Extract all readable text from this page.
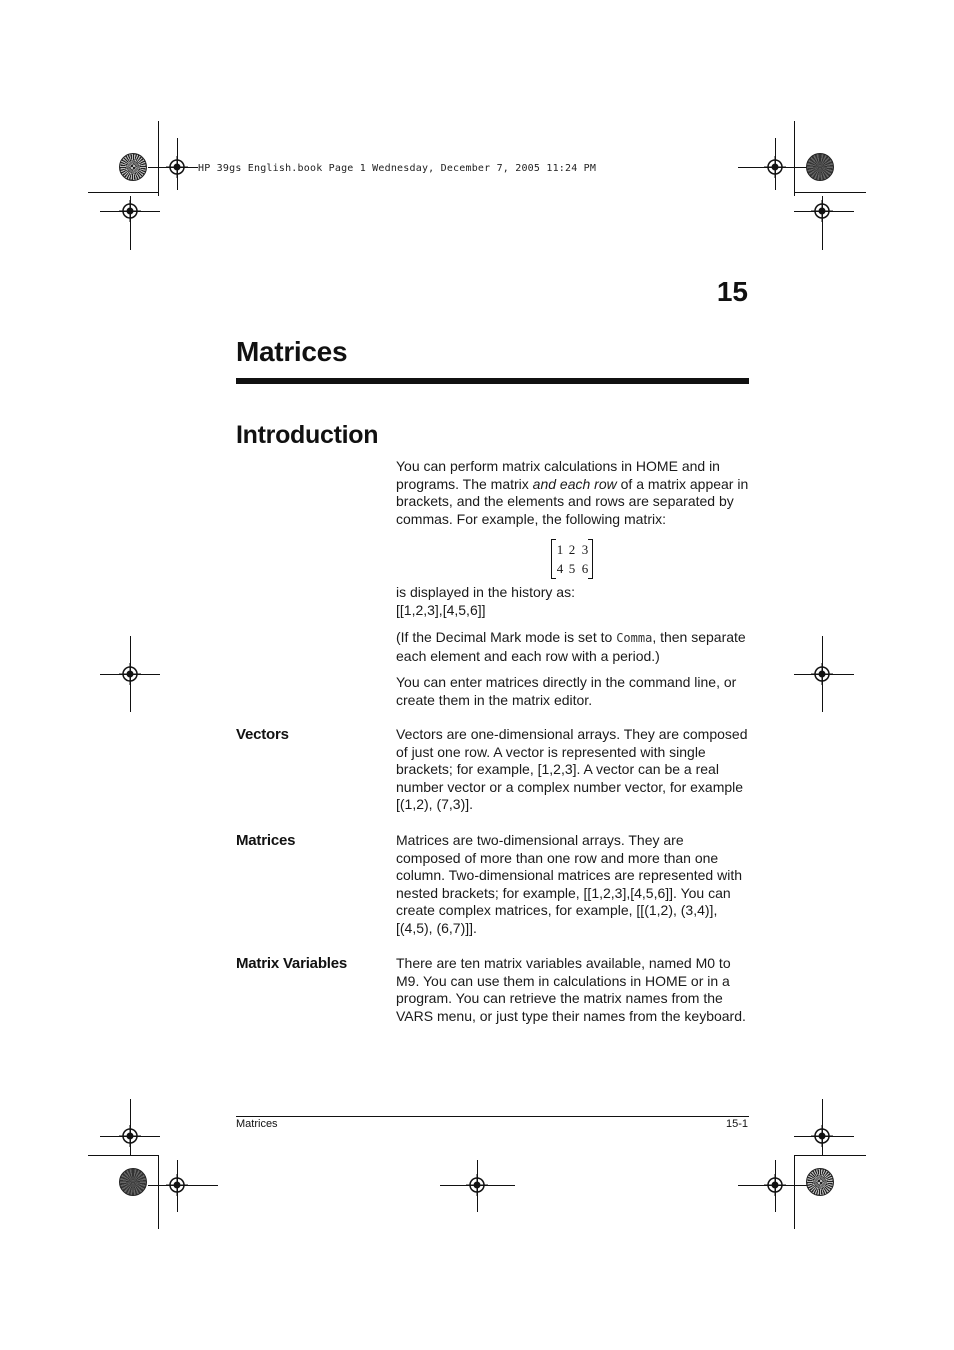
HP 39gs English.book Page 1 Wednesday, December 7, 2005 11:24 PM
15
Matrices
Introduction
You can perform matrix calculations in HOME and in programs. The matrix and each row of a matrix appear in brackets, and the elements and rows are separated by commas. For example, the following matrix:
1 2 3
4 5 6
is displayed in the history as:
[[1,2,3],[4,5,6]]
(If the Decimal Mark mode is set to Comma, then separate each element and each row with a period.)
You can enter matrices directly in the command line, or create them in the matrix editor.
Vectors	Vectors are one-dimensional arrays. They are composed of just one row. A vector is represented with single brackets; for example, [1,2,3]. A vector can be a real number vector or a complex number vector, for example [(1,2), (7,3)].
Matrices	Matrices are two-dimensional arrays. They are composed of more than one row and more than one column. Two-dimensional matrices are represented with nested brackets; for example, [[1,2,3],[4,5,6]]. You can create complex matrices, for example, [[(1,2), (3,4)], [(4,5), (6,7)]].
Matrix Variables	There are ten matrix variables available, named M0 to M9. You can use them in calculations in HOME or in a program. You can retrieve the matrix names from the VARS menu, or just type their names from the keyboard.
Matrices	15-1
